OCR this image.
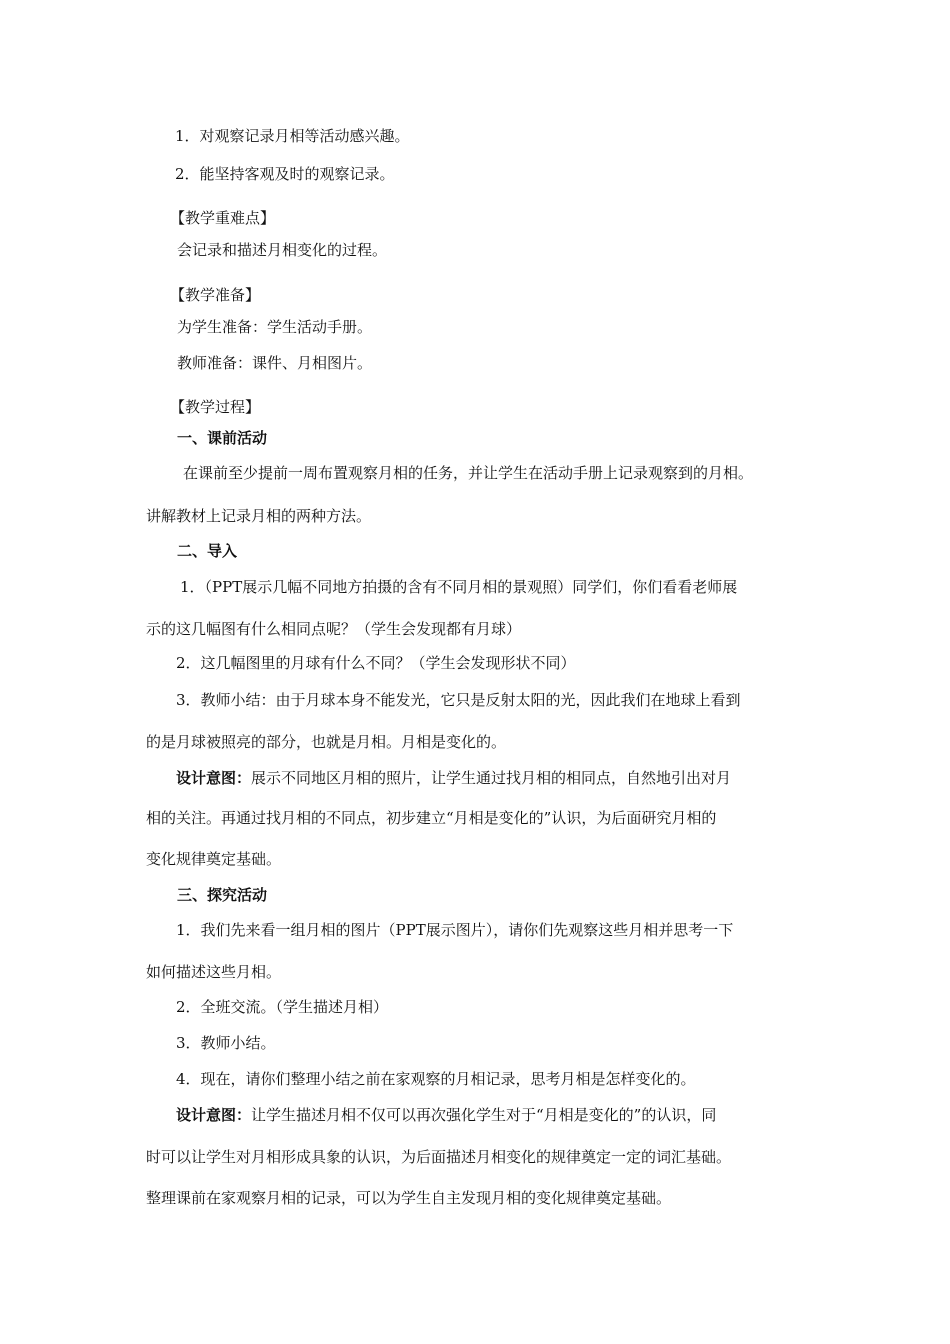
1．对观察记录月相等活动感兴趣。
2．能坚持客观及时的观察记录。
【教学重难点】
会记录和描述月相变化的过程。
【教学准备】
为学生准备：学生活动手册。
教师准备：课件、月相图片。
【教学过程】
一、课前活动
在课前至少提前一周布置观察月相的任务，并让学生在活动手册上记录观察到的月相。
讲解教材上记录月相的两种方法。
二、导入
1．（PPT展示几幅不同地方拍摄的含有不同月相的景观照）同学们，你们看看老师展
示的这几幅图有什么相同点呢？（学生会发现都有月球）
2．这几幅图里的月球有什么不同？（学生会发现形状不同）
3．教师小结：由于月球本身不能发光，它只是反射太阳的光，因此我们在地球上看到
的是月球被照亮的部分，也就是月相。月相是变化的。
设计意图：展示不同地区月相的照片，让学生通过找月相的相同点，自然地引出对月
相的关注。再通过找月相的不同点，初步建立“月相是变化的”认识，为后面研究月相的
变化规律奠定基础。
三、探究活动
1．我们先来看一组月相的图片（PPT展示图片），请你们先观察这些月相并思考一下
如何描述这些月相。
2．全班交流。（学生描述月相）
3．教师小结。
4．现在，请你们整理小结之前在家观察的月相记录，思考月相是怎样变化的。
设计意图：让学生描述月相不仅可以再次强化学生对于“月相是变化的”的认识，同
时可以让学生对月相形成具象的认识，为后面描述月相变化的规律奠定一定的词汇基础。
整理课前在家观察月相的记录，可以为学生自主发现月相的变化规律奠定基础。
